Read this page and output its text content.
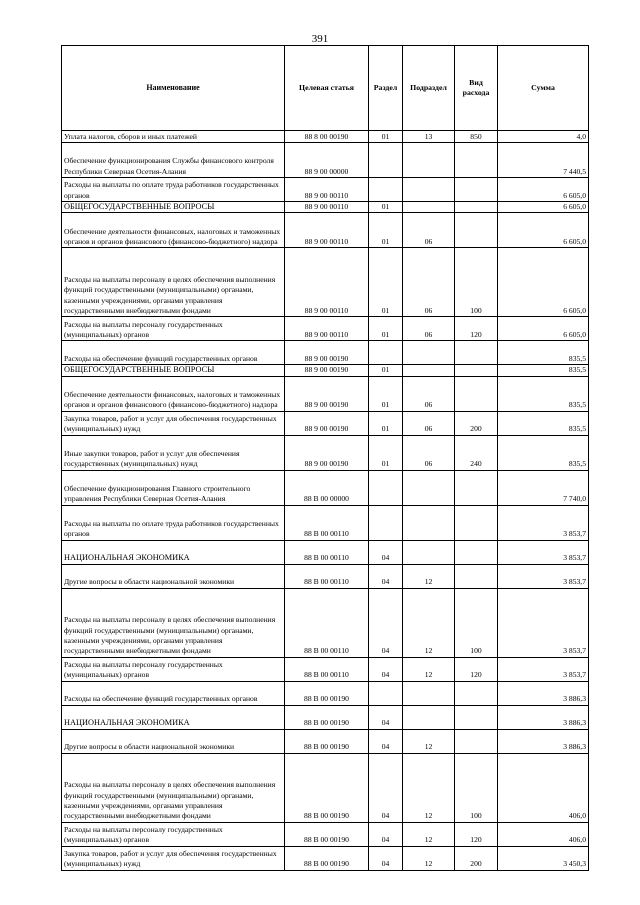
391
Наименование	Целевая статья	Раздел	Подраздел	Вид расхода	Сумма

Уплата налогов, сборов и иных платежей	88 8 00 00190	01	13	850	4,0

Обеспечение функционирования Службы финансового контроля Республики Северная Осетия-Алания	88 9 00 00000				7 440,5

Расходы на выплаты по оплате труда работников государственных органов	88 9 00 00110				6 605,0

ОБЩЕГОСУДАРСТВЕННЫЕ ВОПРОСЫ	88 9 00 00110	01			6 605,0

Обеспечение деятельности финансовых, налоговых и таможенных органов и органов финансового (финансово-бюджетного) надзора	88 9 00 00110	01	06		6 605,0

Расходы на выплаты персоналу в целях обеспечения выполнения функций государственными (муниципальными) органами, казенными учреждениями, органами управления государственными внебюджетными фондами	88 9 00 00110	01	06	100	6 605,0

Расходы на выплаты персоналу государственных (муниципальных) органов	88 9 00 00110	01	06	120	6 605,0

Расходы на обеспечение функций государственных органов	88 9 00 00190				835,5

ОБЩЕГОСУДАРСТВЕННЫЕ ВОПРОСЫ	88 9 00 00190	01			835,5

Обеспечение деятельности финансовых, налоговых и таможенных органов и органов финансового (финансово-бюджетного) надзора	88 9 00 00190	01	06		835,5

Закупка товаров, работ и услуг для обеспечения государственных (муниципальных) нужд	88 9 00 00190	01	06	200	835,5

Иные закупки товаров, работ и услуг для обеспечения государственных (муниципальных) нужд	88 9 00 00190	01	06	240	835,5

Обеспечение функционирования Главного строительного управления Республики Северная Осетия-Алания	88 В 00 00000				7 740,0

Расходы на выплаты по оплате труда работников государственных органов	88 В 00 00110				3 853,7

НАЦИОНАЛЬНАЯ ЭКОНОМИКА	88 В 00 00110	04			3 853,7

Другие вопросы в области национальной экономики	88 В 00 00110	04	12		3 853,7

Расходы на выплаты персоналу в целях обеспечения выполнения функций государственными (муниципальными) органами, казенными учреждениями, органами управления государственными внебюджетными фондами	88 В 00 00110	04	12	100	3 853,7

Расходы на выплаты персоналу государственных (муниципальных) органов	88 В 00 00110	04	12	120	3 853,7

Расходы на обеспечение функций государственных органов	88 В 00 00190				3 886,3

НАЦИОНАЛЬНАЯ ЭКОНОМИКА	88 В 00 00190	04			3 886,3

Другие вопросы в области национальной экономики	88 В 00 00190	04	12		3 886,3

Расходы на выплаты персоналу в целях обеспечения выполнения функций государственными (муниципальными) органами, казенными учреждениями, органами управления государственными внебюджетными фондами	88 В 00 00190	04	12	100	406,0

Расходы на выплаты персоналу государственных (муниципальных) органов	88 В 00 00190	04	12	120	406,0

Закупка товаров, работ и услуг для обеспечения государственных (муниципальных) нужд	88 В 00 00190	04	12	200	3 450,3
